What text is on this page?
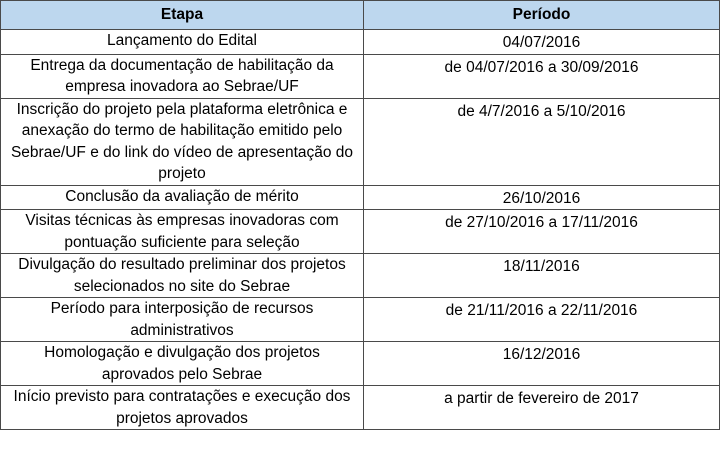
Etapa	Período
Lançamento do Edital	04/07/2016
Entrega da documentação de habilitação da empresa inovadora ao Sebrae/UF	de 04/07/2016 a 30/09/2016
Inscrição do projeto pela plataforma eletrônica e anexação do termo de habilitação emitido pelo Sebrae/UF e do link do vídeo de apresentação do projeto	de 4/7/2016 a 5/10/2016
Conclusão da avaliação de mérito	26/10/2016
Visitas técnicas às empresas inovadoras com pontuação suficiente para seleção	de 27/10/2016 a 17/11/2016
Divulgação do resultado preliminar dos projetos selecionados no site do Sebrae	18/11/2016
Período para interposição de recursos administrativos	de 21/11/2016 a 22/11/2016
Homologação e divulgação dos projetos aprovados pelo Sebrae	16/12/2016
Início previsto para contratações e execução dos projetos aprovados	a partir de fevereiro de 2017
